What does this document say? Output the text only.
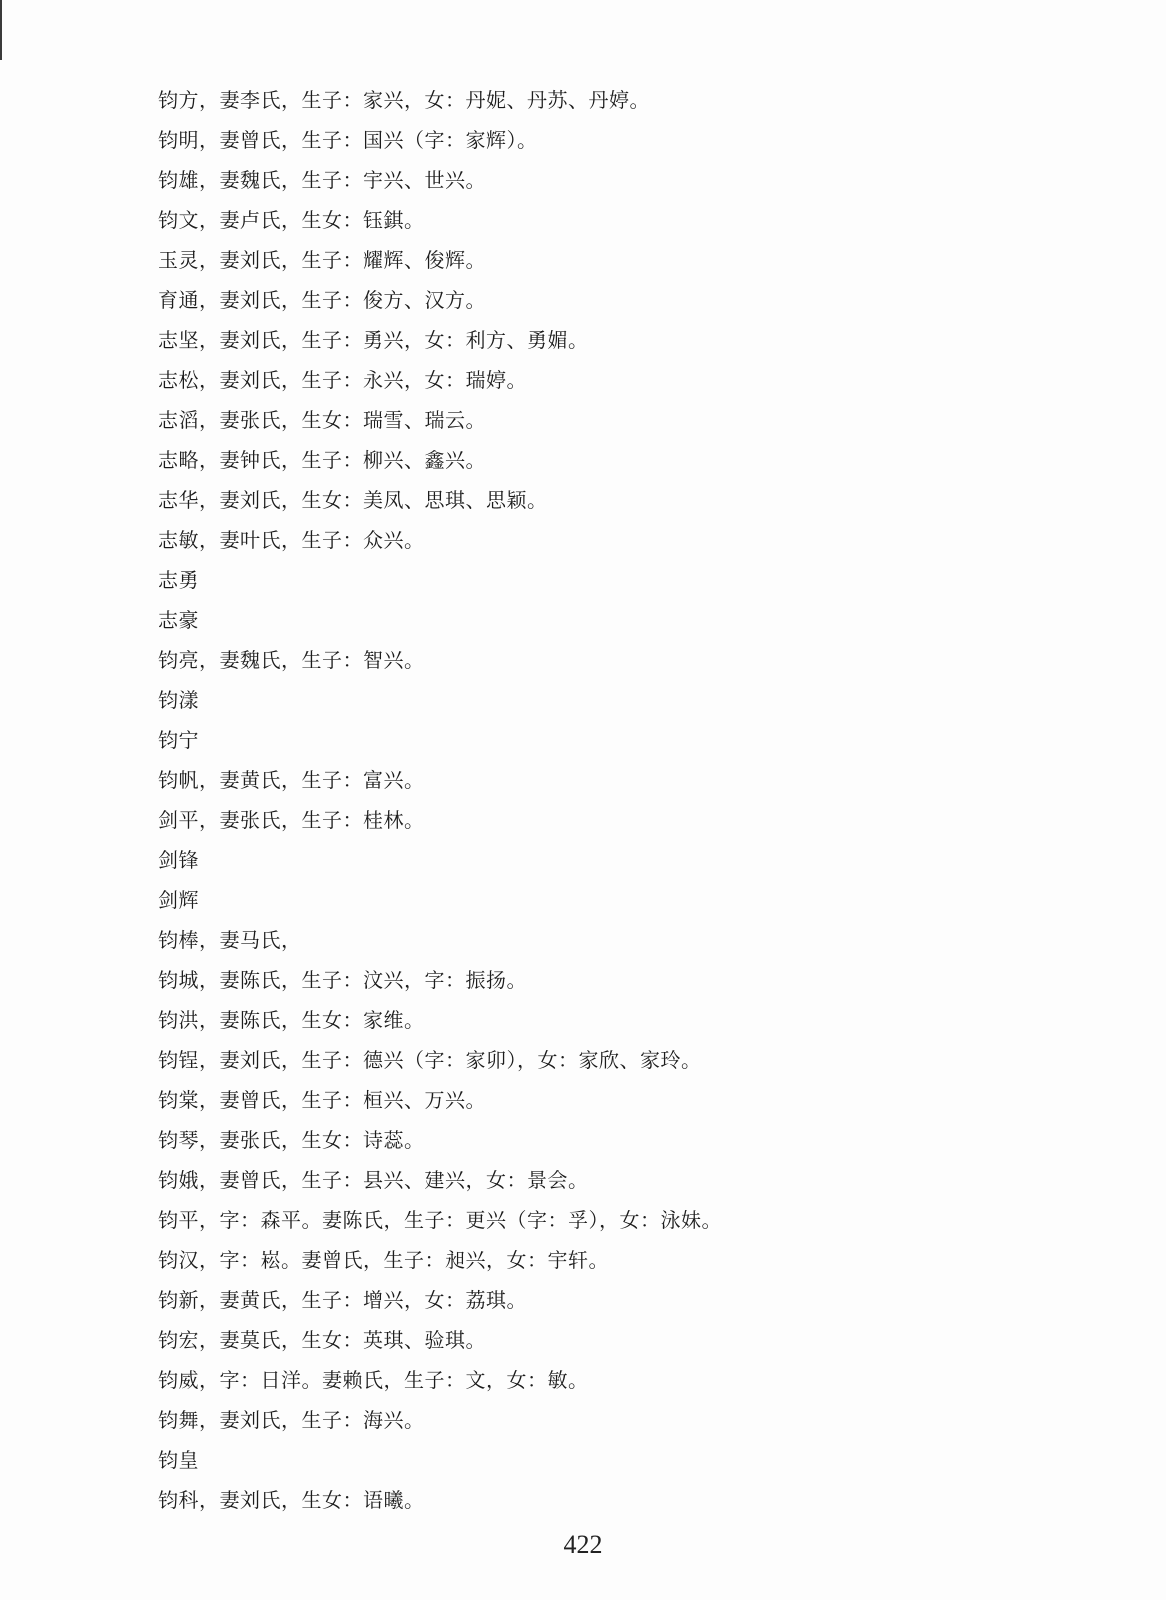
钧方，妻李氏，生子：家兴，女：丹妮、丹苏、丹婷。
钧明，妻曾氏，生子：国兴（字：家辉）。
钧雄，妻魏氏，生子：宇兴、世兴。
钧文，妻卢氏，生女：钰錤。
玉灵，妻刘氏，生子：耀辉、俊辉。
育通，妻刘氏，生子：俊方、汉方。
志坚，妻刘氏，生子：勇兴，女：利方、勇媚。
志松，妻刘氏，生子：永兴，女：瑞婷。
志滔，妻张氏，生女：瑞雪、瑞云。
志略，妻钟氏，生子：柳兴、鑫兴。
志华，妻刘氏，生女：美凤、思琪、思颖。
志敏，妻叶氏，生子：众兴。
志勇
志豪
钧亮，妻魏氏，生子：智兴。
钧漾
钧宁
钧帆，妻黄氏，生子：富兴。
剑平，妻张氏，生子：桂林。
剑锋
剑辉
钧棒，妻马氏，
钧城，妻陈氏，生子：汶兴，字：振扬。
钧洪，妻陈氏，生女：家维。
钧锃，妻刘氏，生子：德兴（字：家卯），女：家欣、家玲。
钧棠，妻曾氏，生子：桓兴、万兴。
钧琴，妻张氏，生女：诗蕊。
钧娥，妻曾氏，生子：县兴、建兴，女：景会。
钧平，字：森平。妻陈氏，生子：更兴（字：孚），女：泳妹。
钧汉，字：崧。妻曾氏，生子：昶兴，女：宇轩。
钧新，妻黄氏，生子：增兴，女：荔琪。
钧宏，妻莫氏，生女：英琪、验琪。
钧威，字：日洋。妻赖氏，生子：文，女：敏。
钧舞，妻刘氏，生子：海兴。
钧皇
钧科，妻刘氏，生女：语曦。
422
